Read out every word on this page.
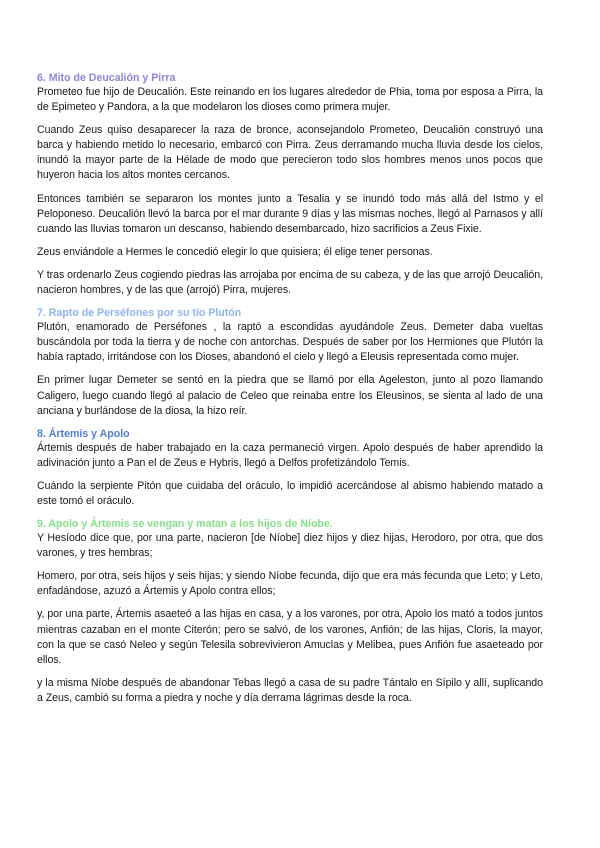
6. Mito de Deucalión y Pirra

Prometeo fue hijo de Deucalión. Este reinando en los lugares alrededor de Phia, toma por esposa a Pirra, la de Epimeteo y Pandora, a la que modelaron los dioses como primera mujer.

Cuando Zeus quiso desaparecer la raza de bronce, aconsejandolo Prometeo, Deucalión construyó una barca y habiendo metido lo necesario, embarcó con Pirra. Zeus derramando mucha lluvia desde los cielos, inundó la mayor parte de la Hélade de modo que perecieron todo slos hombres menos unos pocos que huyeron hacia los altos montes cercanos.

Entonces también se separaron los montes junto a Tesalia y se inundó todo más allá del Istmo y el Peloponeso. Deucalión llevó la barca por el mar durante 9 días y las mismas noches, llegó al Parnasos y allí cuando las lluvias tomaron un descanso, habiendo desembarcado, hizo sacrificios a Zeus Fixie.

Zeus enviándole a Hermes le concedió elegir lo que quisiera; él elige tener personas.

Y tras ordenarlo Zeus cogiendo piedras las arrojaba por encima de su cabeza, y de las que arrojó Deucalión, nacieron hombres, y de las que (arrojó) Pirra, mujeres.

7. Rapto de Perséfones por su tío Plutón

Plutón, enamorado de Perséfones , la raptó a escondidas ayudándole Zeus. Demeter daba vueltas buscándola por toda la tierra y de noche con antorchas. Después de saber por los Hermiones que Plutón la había raptado, irritándose con los Dioses, abandonó el cielo y llegó a Eleusis representada como mujer.

En primer lugar Demeter se sentó en la piedra que se llamó por ella Ageleston, junto al pozo llamando Caligero, luego cuando llegó al palacio de Celeo que reinaba entre los Eleusinos, se sienta al lado de una anciana y burlándose de la diosa, la hizo reír.

8. Ártemis y Apolo

Ártemis después de haber trabajado en la caza permaneció virgen. Apolo después de haber aprendido la adivinación junto a Pan el de Zeus e Hybris, llegó a Delfos profetizándolo Temis.

Cuándo la serpiente Pitón que cuidaba del oráculo, lo impidió acercándose al abismo habiendo matado a este tomó el oráculo.

9. Apolo y Ártemis se vengan y matan a los hijos de Níobe.

Y Hesíodo dice que, por una parte, nacieron [de Níobe] diez hijos y diez hijas, Herodoro, por otra, que dos varones, y tres hembras;

Homero, por otra, seis hijos y seis hijas; y siendo Níobe fecunda, dijo que era más fecunda que Leto; y Leto, enfadándose, azuzó a Ártemis y Apolo contra ellos;

y, por una parte, Ártemis asaeteó a las hijas en casa, y a los varones, por otra, Apolo los mató a todos juntos mientras cazaban en el monte Citerón; pero se salvó, de los varones, Anfión; de las hijas, Cloris, la mayor, con la que se casó Neleo y según Telesila sobrevivieron Amuclas y Melibea, pues Anfión fue asaeteado por ellos.

y la misma Níobe después de abandonar Tebas llegó a casa de su padre Tántalo en Sípilo y allí, suplicando a Zeus, cambió su forma a piedra y noche y día derrama lágrimas desde la roca.
